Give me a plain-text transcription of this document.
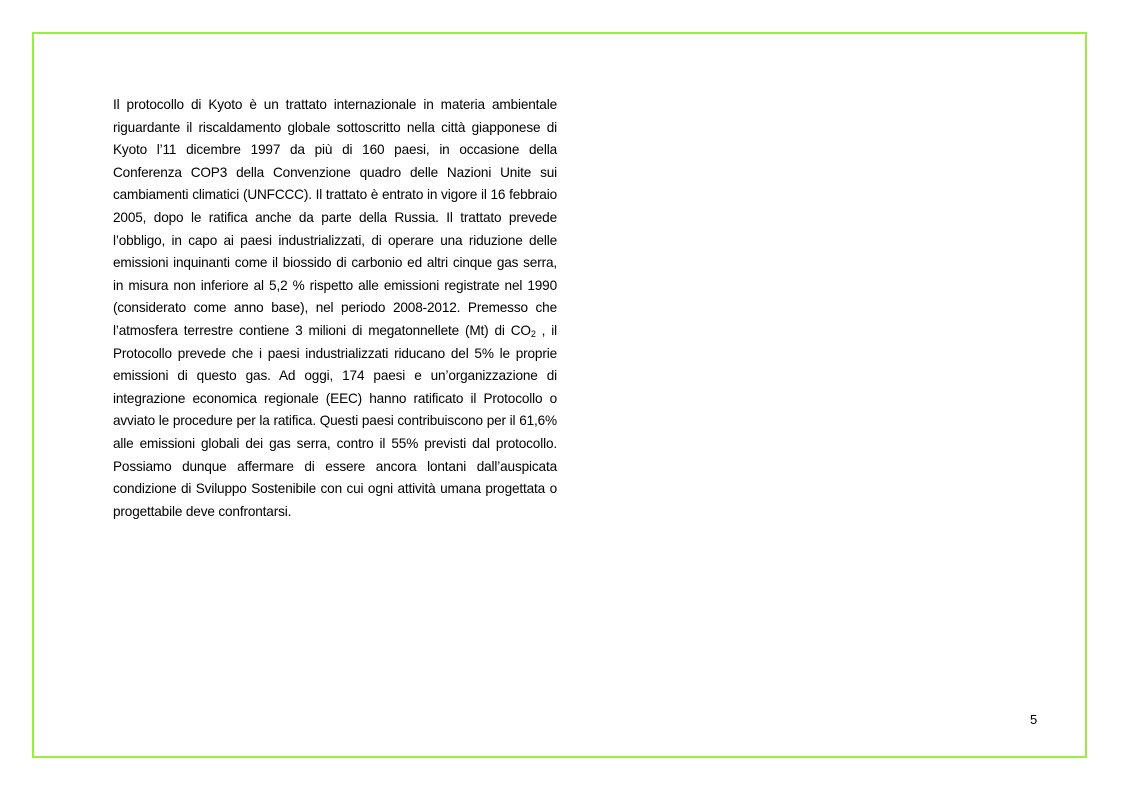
Il protocollo di Kyoto è un trattato internazionale in materia ambientale riguardante il riscaldamento globale sottoscritto nella città giapponese di Kyoto l’11 dicembre 1997 da più di 160 paesi, in occasione della Conferenza COP3 della Convenzione quadro delle Nazioni Unite sui cambiamenti climatici (UNFCCC). Il trattato è entrato in vigore il 16 febbraio 2005, dopo le ratifica anche da parte della Russia. Il trattato prevede l’obbligo, in capo ai paesi industrializzati, di operare una riduzione delle emissioni inquinanti come il biossido di carbonio ed altri cinque gas serra, in misura non inferiore al 5,2 % rispetto alle emissioni registrate nel 1990 (considerato come anno base), nel periodo 2008-2012. Premesso che l’atmosfera terrestre contiene 3 milioni di megatonnellete (Mt) di $CO_2$ , il Protocollo prevede che i paesi industrializzati riducano del 5% le proprie emissioni di questo gas. Ad oggi, 174 paesi e un’organizzazione di integrazione economica regionale (EEC) hanno ratificato il Protocollo o avviato le procedure per la ratifica. Questi paesi contribuiscono per il 61,6% alle emissioni globali dei gas serra, contro il 55% previsti dal protocollo. Possiamo dunque affermare di essere ancora lontani dall’auspicata condizione di Sviluppo Sostenibile con cui ogni attività umana progettata o progettabile deve confrontarsi.

5
